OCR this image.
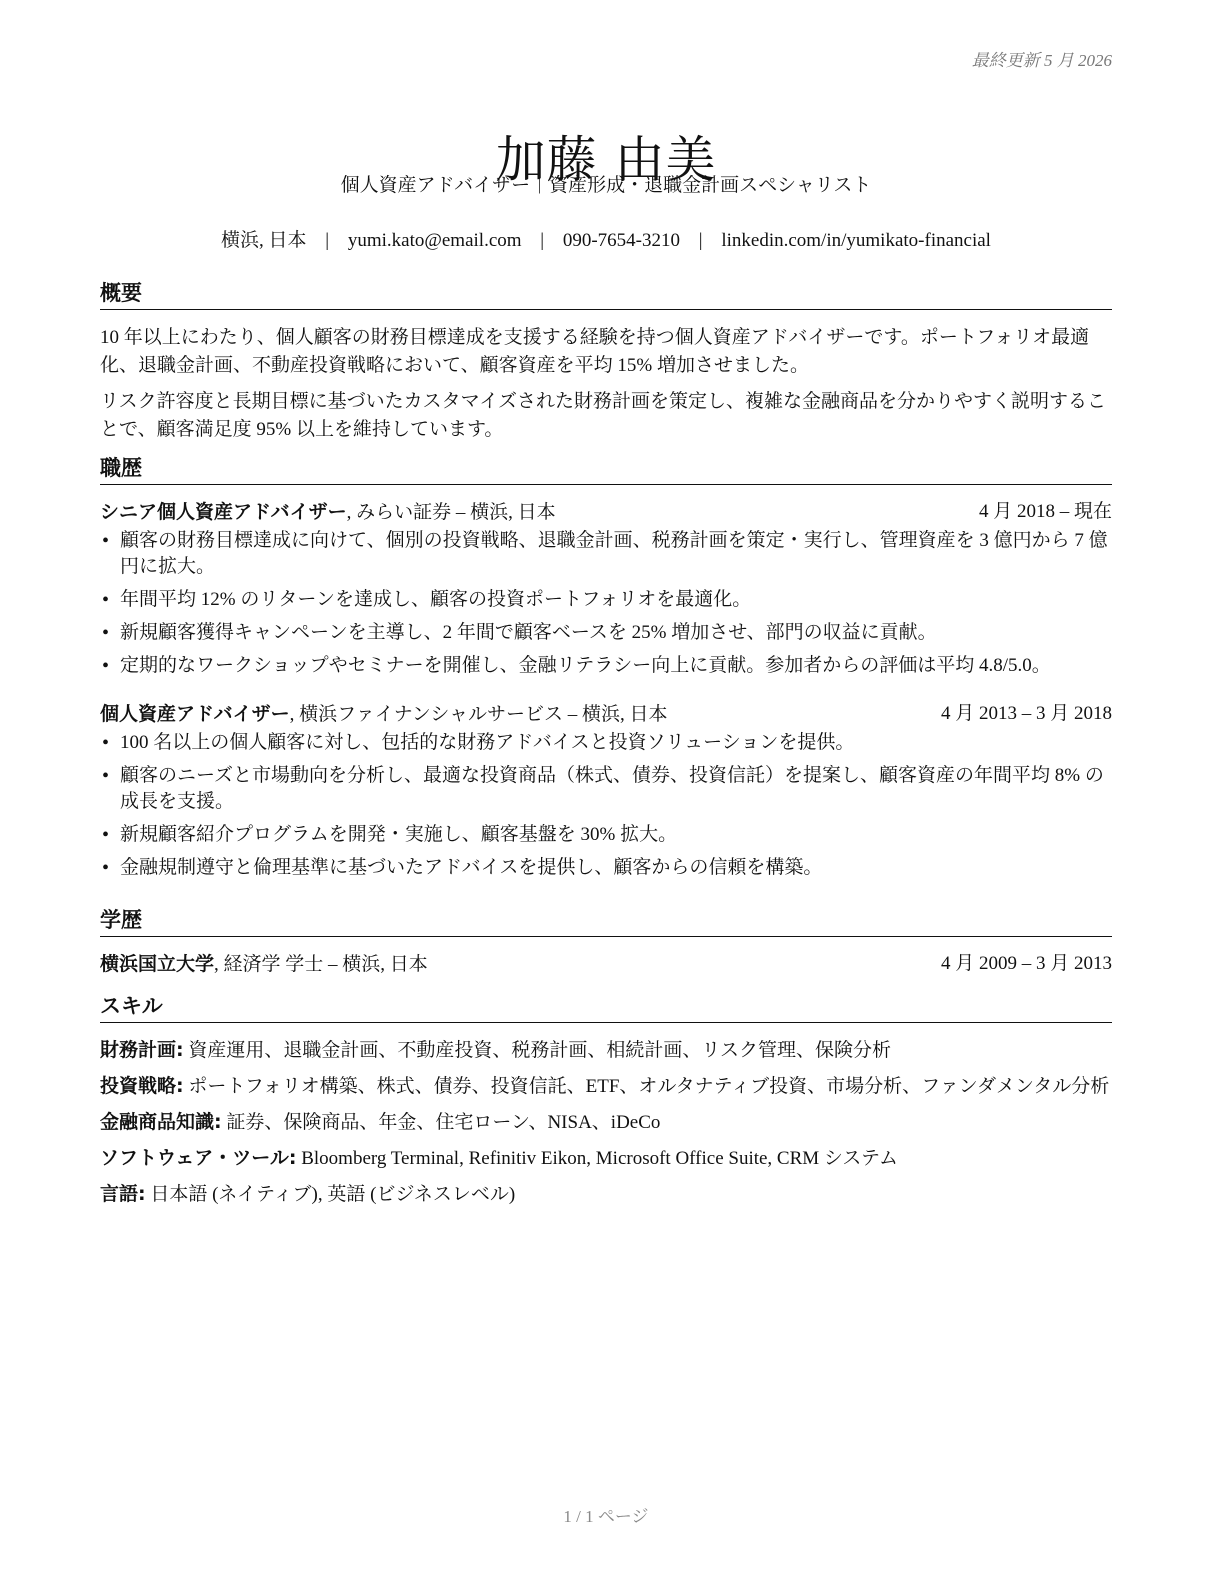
最終更新 5 月 2026
加藤 由美
個人資産アドバイザー｜資産形成・退職金計画スペシャリスト
横浜, 日本 | yumi.kato@email.com | 090-7654-3210 | linkedin.com/in/yumikato-financial
概要

10 年以上にわたり、個人顧客の財務目標達成を支援する経験を持つ個人資産アドバイザーです。ポートフォリオ最適化、退職金計画、不動産投資戦略において、顧客資産を平均 15% 増加させました。

リスク許容度と長期目標に基づいたカスタマイズされた財務計画を策定し、複雑な金融商品を分かりやすく説明することで、顧客満足度 95% 以上を維持しています。

職歴
シニア個人資産アドバイザー, みらい証券 – 横浜, 日本	4 月 2018 – 現在
• 顧客の財務目標達成に向けて、個別の投資戦略、退職金計画、税務計画を策定・実行し、管理資産を 3 億円から 7 億円に拡大。
• 年間平均 12% のリターンを達成し、顧客の投資ポートフォリオを最適化。
• 新規顧客獲得キャンペーンを主導し、2 年間で顧客ベースを 25% 増加させ、部門の収益に貢献。
• 定期的なワークショップやセミナーを開催し、金融リテラシー向上に貢献。参加者からの評価は平均 4.8/5.0。
個人資産アドバイザー, 横浜ファイナンシャルサービス – 横浜, 日本	4 月 2013 – 3 月 2018
• 100 名以上の個人顧客に対し、包括的な財務アドバイスと投資ソリューションを提供。
• 顧客のニーズと市場動向を分析し、最適な投資商品（株式、債券、投資信託）を提案し、顧客資産の年間平均 8% の成長を支援。
• 新規顧客紹介プログラムを開発・実施し、顧客基盤を 30% 拡大。
• 金融規制遵守と倫理基準に基づいたアドバイスを提供し、顧客からの信頼を構築。
学歴
横浜国立大学, 経済学 学士 – 横浜, 日本	4 月 2009 – 3 月 2013
スキル
財務計画: 資産運用、退職金計画、不動産投資、税務計画、相続計画、リスク管理、保険分析
投資戦略: ポートフォリオ構築、株式、債券、投資信託、ETF、オルタナティブ投資、市場分析、ファンダメンタル分析
金融商品知識: 証券、保険商品、年金、住宅ローン、NISA、iDeCo
ソフトウェア・ツール: Bloomberg Terminal, Refinitiv Eikon, Microsoft Office Suite, CRM システム
言語: 日本語 (ネイティブ), 英語 (ビジネスレベル)
1 / 1 ページ
